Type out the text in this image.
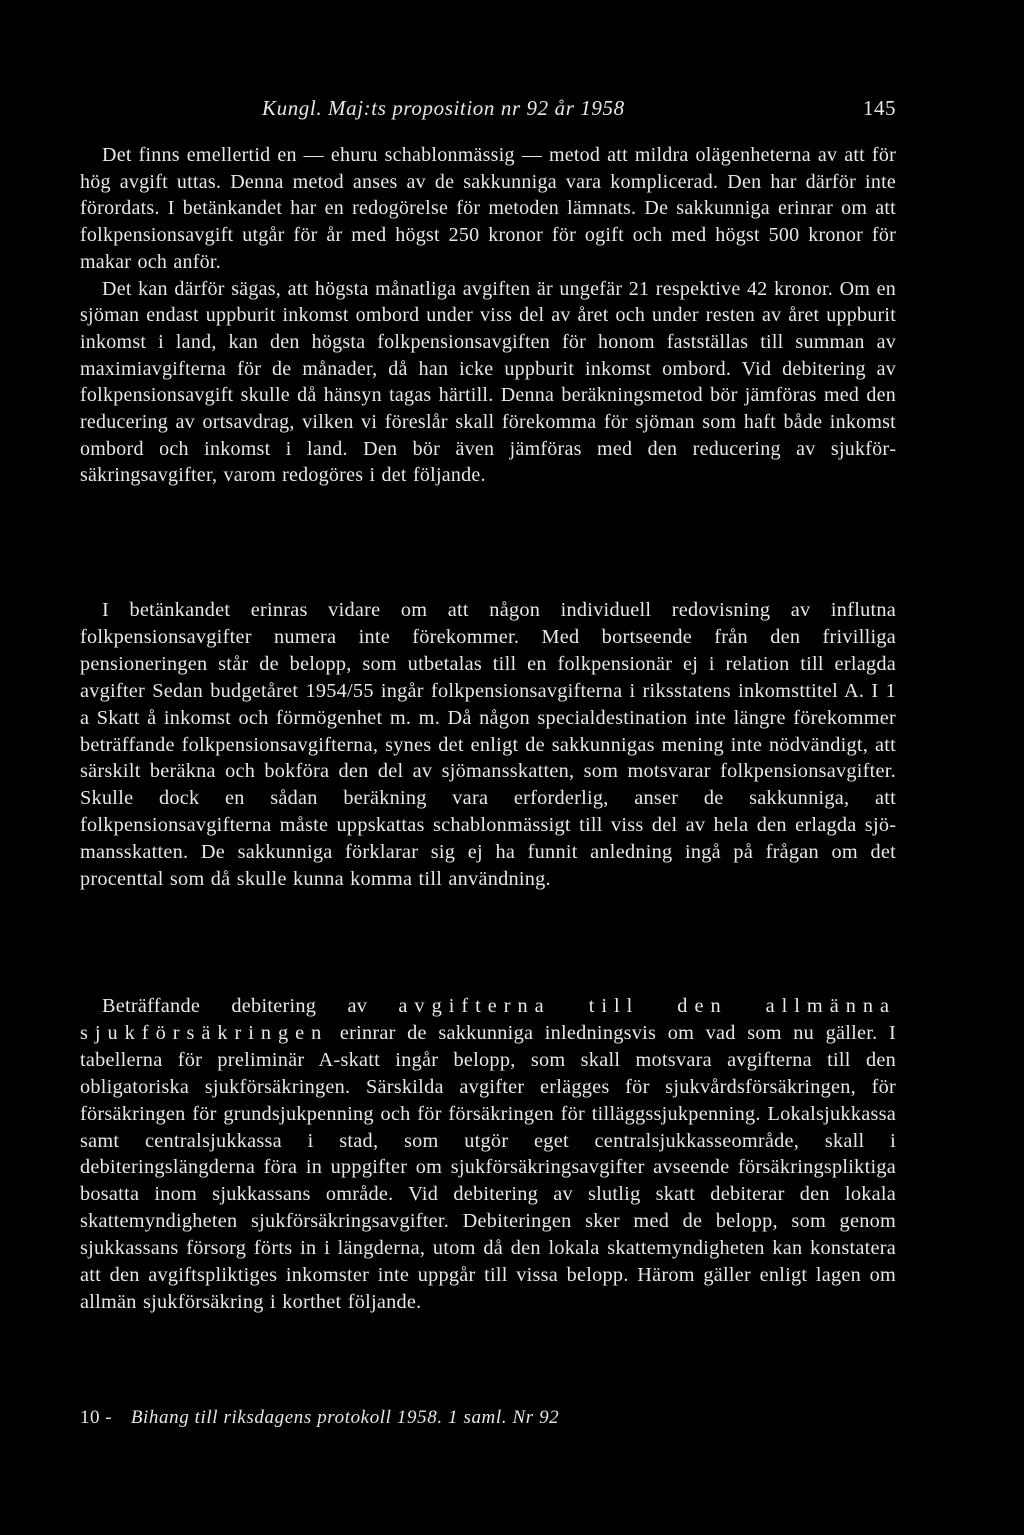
Kungl. Maj:ts proposition nr 92 år 1958	145

Det finns emellertid en — ehuru schablonmässig — metod att mildra olägenheterna av att för hög avgift uttas. Denna metod anses av de sakkunniga vara komplicerad. Den har därför inte förordats. I betänkandet har en redogörelse för metoden lämnats. De sakkunniga erinrar om att folkpensionsavgift utgår för år med högst 250 kronor för ogift och med högst 500 kronor för makar och anför.

Det kan därför sägas, att högsta månatliga avgiften är ungefär 21 respektive 42 kronor. Om en sjöman endast uppburit inkomst ombord under viss del av året och under resten av året uppburit inkomst i land, kan den högsta folkpensionsavgiften för honom fastställas till summan av maximiavgifterna för de månader, då han icke uppburit inkomst ombord. Vid debitering av folkpensionsavgift skulle då hänsyn tagas härtill. Denna beräkningsmetod bör jämföras med den reducering av ortsavdrag, vilken vi föreslår skall förekomma för sjöman som haft både inkomst ombord och inkomst i land. Den bör även jämföras med den reducering av sjukförsäkringsavgifter, varom redogöres i det följande.

I betänkandet erinras vidare om att någon individuell redovisning av influtna folkpensionsavgifter numera inte förekommer. Med bortseende från den frivilliga pensioneringen står de belopp, som utbetalas till en folkpensionär ej i relation till erlagda avgifter Sedan budgetåret 1954/55 ingår folkpensionsavgifterna i riksstatens inkomsttitel A. I 1 a Skatt å inkomst och förmögenhet m. m. Då någon specialdestination inte längre förekommer beträffande folkpensionsavgifterna, synes det enligt de sakkunnigas mening inte nödvändigt, att särskilt beräkna och bokföra den del av sjömansskatten, som motsvarar folkpensionsavgifter. Skulle dock en sådan beräkning vara erforderlig, anser de sakkunniga, att folkpensionsavgifterna måste uppskattas schablonmässigt till viss del av hela den erlagda sjömansskatten. De sakkunniga förklarar sig ej ha funnit anledning ingå på frågan om det procenttal som då skulle kunna komma till användning.

Beträffande debitering av avgifterna till den allmänna sjukförsäkringen erinrar de sakkunniga inledningsvis om vad som nu gäller. I tabellerna för preliminär A-skatt ingår belopp, som skall motsvara avgifterna till den obligatoriska sjukförsäkringen. Särskilda avgifter erlägges för sjukvårdsförsäkringen, för försäkringen för grundsjukpenning och för försäkringen för tilläggssjukpenning. Lokalsjukkassa samt centralsjukkassa i stad, som utgör eget centralsjukkasseområde, skall i debiteringslängderna föra in uppgifter om sjukförsäkringsavgifter avseende försäkringspliktiga bosatta inom sjukkassans område. Vid debitering av slutlig skatt debiterar den lokala skattemyndigheten sjukförsäkringsavgifter. Debiteringen sker med de belopp, som genom sjukkassans försorg förts in i längderna, utom då den lokala skattemyndigheten kan konstatera att den avgiftspliktiges inkomster inte uppgår till vissa belopp. Härom gäller enligt lagen om allmän sjukförsäkring i korthet följande.

10 - Bihang till riksdagens protokoll 1958. 1 saml. Nr 92
